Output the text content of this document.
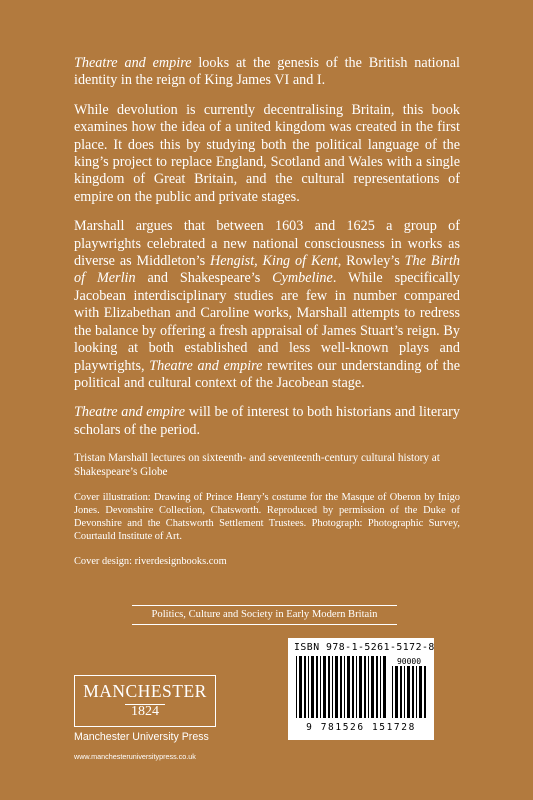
Theatre and empire looks at the genesis of the British national identity in the reign of King James VI and I.

While devolution is currently decentralising Britain, this book examines how the idea of a united kingdom was created in the first place. It does this by studying both the political language of the king’s project to replace England, Scotland and Wales with a single kingdom of Great Britain, and the cultural representations of empire on the public and private stages.

Marshall argues that between 1603 and 1625 a group of playwrights celebrated a new national consciousness in works as diverse as Middleton’s Hengist, King of Kent, Rowley’s The Birth of Merlin and Shakespeare’s Cymbeline. While specifically Jacobean interdisciplinary studies are few in number compared with Elizabethan and Caroline works, Marshall attempts to redress the balance by offering a fresh appraisal of James Stuart’s reign. By looking at both established and less well-known plays and playwrights, Theatre and empire rewrites our understanding of the political and cultural context of the Jacobean stage.

Theatre and empire will be of interest to both historians and literary scholars of the period.

Tristan Marshall lectures on sixteenth- and seventeenth-century cultural history at Shakespeare’s Globe

Cover illustration: Drawing of Prince Henry’s costume for the Masque of Oberon by Inigo Jones. Devonshire Collection, Chatsworth. Reproduced by permission of the Duke of Devonshire and the Chatsworth Settlement Trustees. Photograph: Photographic Survey, Courtauld Institute of Art.

Cover design: riverdesignbooks.com

Politics, Culture and Society in Early Modern Britain
ISBN 978-1-5261-5172-8
90000
9 781526 151728
MANCHESTER
1824
Manchester University Press
www.manchesteruniversitypress.co.uk
